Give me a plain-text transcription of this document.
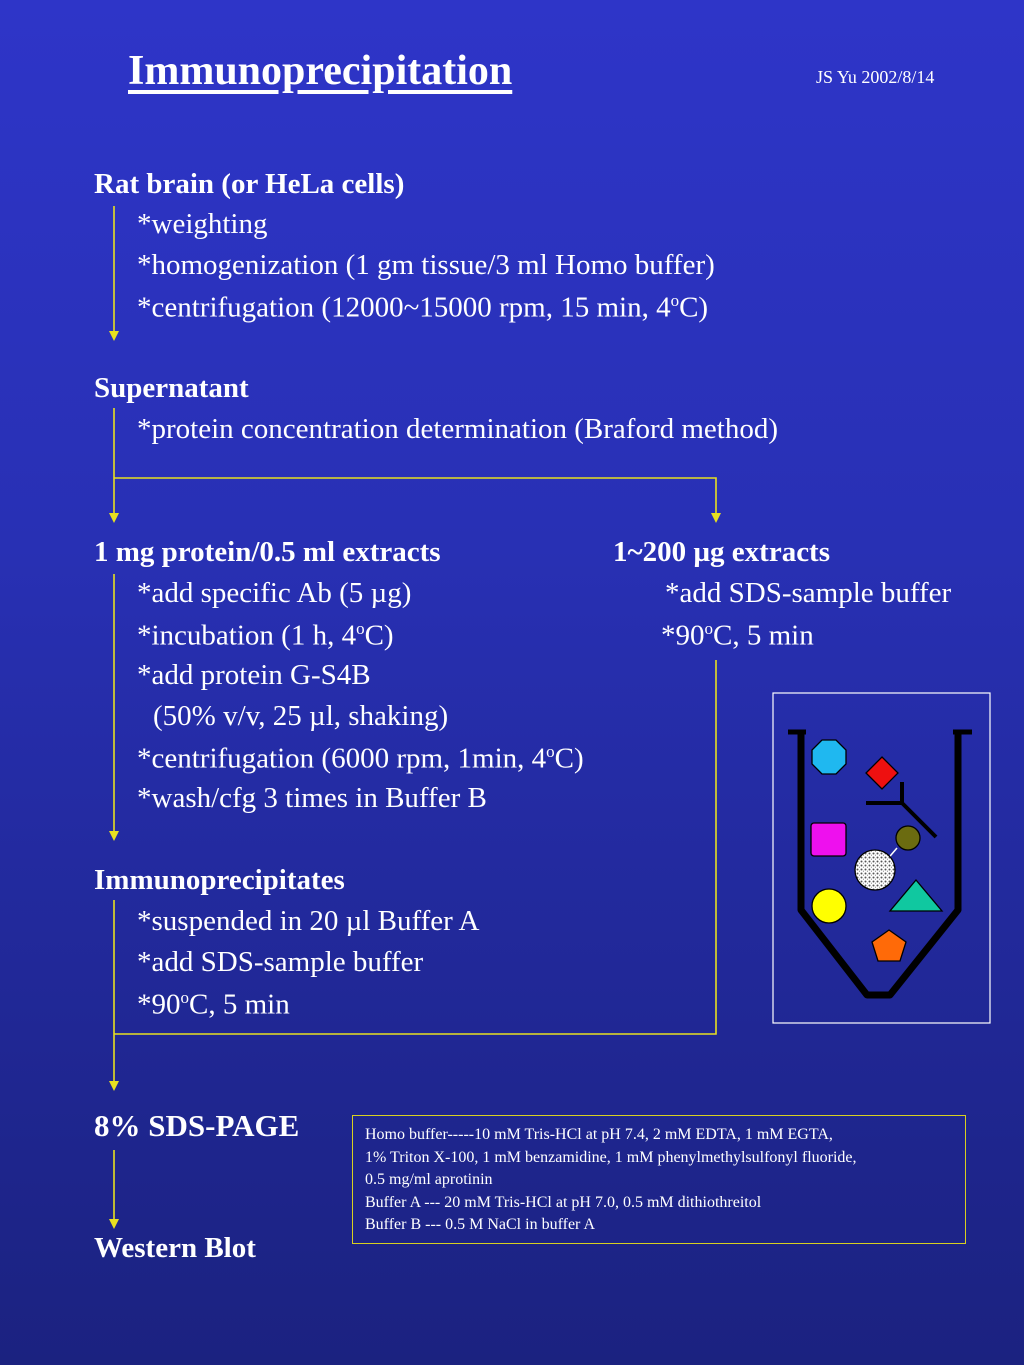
Immunoprecipitation	JS Yu 2002/8/14
Rat brain (or HeLa cells)
*weighting
*homogenization (1 gm tissue/3 ml Homo buffer)
*centrifugation (12000~15000 rpm, 15 min, 4$^o$C)
Supernatant
*protein concentration determination (Braford method)
1 mg protein/0.5 ml extracts
*add specific Ab (5 µg)
*incubation (1 h, 4$^o$C)
*add protein G-S4B
(50% v/v, 25 µl, shaking)
*centrifugation (6000 rpm, 1min, 4$^o$C)
*wash/cfg 3 times in Buffer B
1~200 µg extracts
*add SDS-sample buffer
*90$^o$C, 5 min
Immunoprecipitates
*suspended in 20 µl Buffer A
*add SDS-sample buffer
*90$^o$C, 5 min
8% SDS-PAGE
Western Blot
Homo buffer-----10 mM Tris-HCl at pH 7.4, 2 mM EDTA, 1 mM EGTA,
1% Triton X-100, 1 mM benzamidine, 1 mM phenylmethylsulfonyl fluoride,
0.5 mg/ml aprotinin
Buffer A --- 20 mM Tris-HCl at pH 7.0, 0.5 mM dithiothreitol
Buffer B --- 0.5 M NaCl in buffer A
